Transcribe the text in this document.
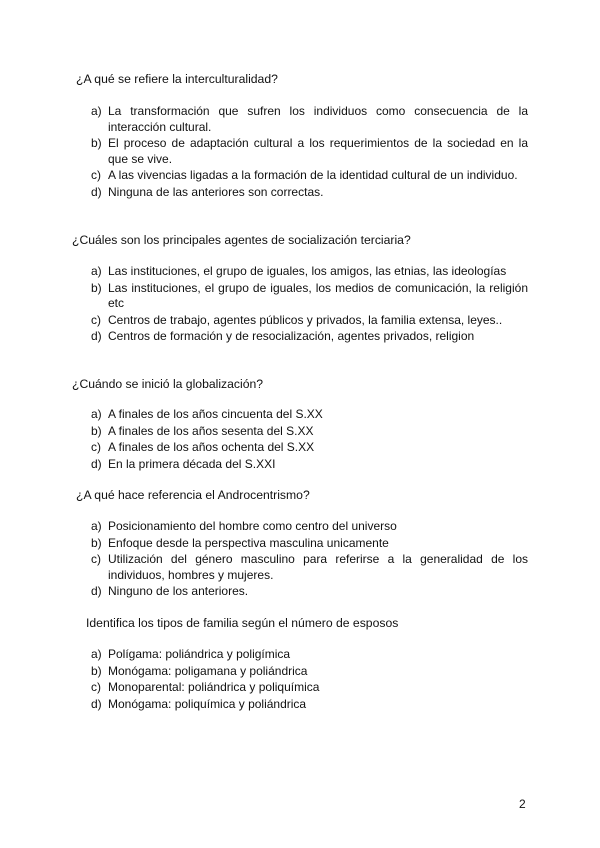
¿A qué se refiere la interculturalidad?
a) La transformación que sufren los individuos como consecuencia de la interacción cultural.
b) El proceso de adaptación cultural a los requerimientos de la sociedad en la que se vive.
c) A las vivencias ligadas a la formación de la identidad cultural de un individuo.
d) Ninguna de las anteriores son correctas.
¿Cuáles son los principales agentes de socialización terciaria?
a) Las instituciones, el grupo de iguales, los amigos, las etnias, las ideologías
b) Las instituciones, el grupo de iguales, los medios de comunicación, la religión etc
c) Centros de trabajo, agentes públicos y privados, la familia extensa, leyes..
d) Centros de formación y de resocialización, agentes privados, religion
¿Cuándo se inició la globalización?
a) A finales de los años cincuenta del S.XX
b) A finales de los años sesenta del S.XX
c) A finales de los años ochenta del S.XX
d) En la primera década del S.XXI
¿A qué hace referencia el Androcentrismo?
a) Posicionamiento del hombre como centro del universo
b) Enfoque desde la perspectiva masculina unicamente
c) Utilización del género masculino para referirse a la generalidad de los individuos, hombres y mujeres.
d) Ninguno de los anteriores.
Identifica los tipos de familia según el número de esposos
a) Polígama: poliándrica y poligímica
b) Monógama: poligamana y poliándrica
c) Monoparental: poliándrica y poliquímica
d) Monógama: poliquímica y poliándrica
2
